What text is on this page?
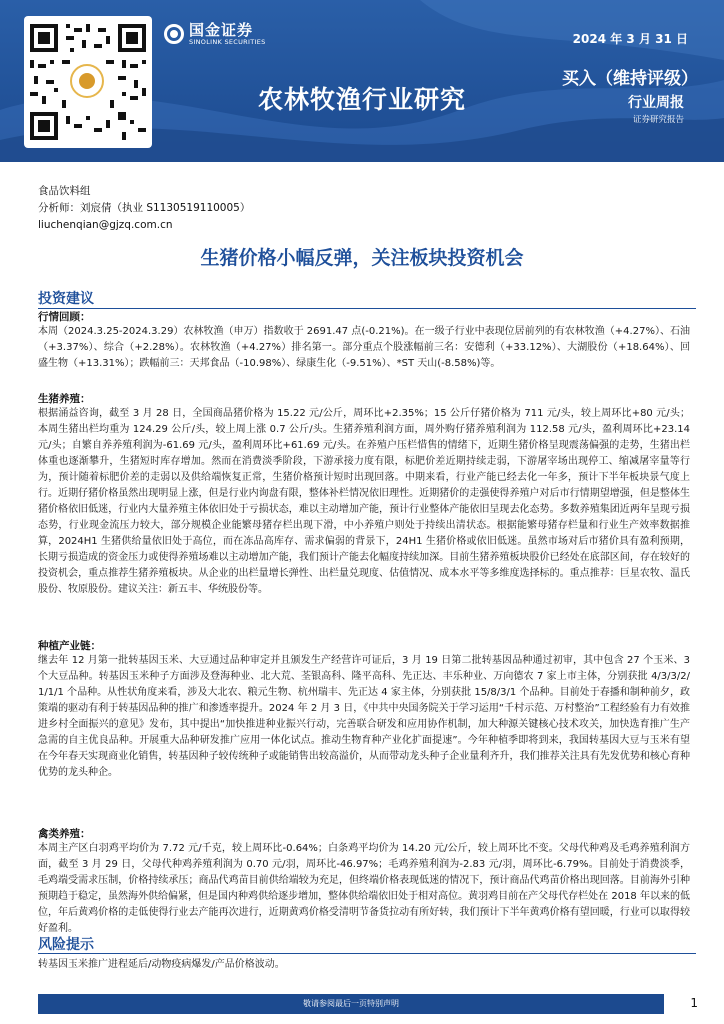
国金证券
SINOLINK SECURITIES
农林牧渔行业研究
2024 年 3 月 31 日
买入（维持评级）
行业周报
证券研究报告
食品饮料组
分析师：刘宸倩（执业 S1130519110005）
liuchenqian@gjzq.com.cn
生猪价格小幅反弹，关注板块投资机会
投资建议
行情回顾：
本周（2024.3.25-2024.3.29）农林牧渔（申万）指数收于 2691.47 点(-0.21%)。在一级子行业中表现位居前列的有农林牧渔（+4.27%）、石油（+3.37%）、综合（+2.28%）。农林牧渔（+4.27%）排名第一。部分重点个股涨幅前三名：安德利（+33.12%）、大湖股份（+18.64%）、回盛生物（+13.31%）；跌幅前三：天邦食品（-10.98%）、绿康生化（-9.51%）、*ST 天山(-8.58%)等。
生猪养殖：
根据涌益咨询，截至 3 月 28 日，全国商品猪价格为 15.22 元/公斤，周环比+2.35%；15 公斤仔猪价格为 711 元/头，较上周环比+80 元/头；本周生猪出栏均重为 124.29 公斤/头，较上周上涨 0.7 公斤/头。生猪养殖利润方面，周外购仔猪养殖利润为 112.58 元/头，盈利周环比+23.14 元/头；自繁自养养殖利润为-61.69 元/头，盈利周环比+61.69 元/头。在养殖户压栏惜售的情绪下，近期生猪价格呈现震荡偏强的走势，生猪出栏体重也逐渐攀升，生猪短时库存增加。然而在消费淡季阶段，下游承接力度有限，标肥价差近期持续走弱，下游屠宰场出现停工、缩减屠宰量等行为，预计随着标肥价差的走弱以及供给端恢复正常，生猪价格预计短时出现回落。中期来看，行业产能已经去化一年多，预计下半年板块景气度上行。近期仔猪价格虽然出现明显上涨，但是行业内询盘有限，整体补栏情况依旧理性。近期猪价的走强使得养殖户对后市行情期望增强，但是整体生猪价格依旧低迷，行业内大量养殖主体依旧处于亏损状态，难以主动增加产能，预计行业整体产能依旧呈现去化态势。多数养殖集团近两年呈现亏损态势，行业现金流压力较大，部分规模企业能繁母猪存栏出现下滑，中小养殖户则处于持续出清状态。根据能繁母猪存栏量和行业生产效率数据推算，2024H1 生猪供给量依旧处于高位，而在冻品高库存、需求偏弱的背景下，24H1 生猪价格或依旧低迷。虽然市场对后市猪价具有盈利预期，长期亏损造成的资金压力或使得养殖场难以主动增加产能，我们预计产能去化幅度持续加深。目前生猪养殖板块股价已经处在底部区间，存在较好的投资机会，重点推荐生猪养殖板块。从企业的出栏量增长弹性、出栏量兑现度、估值情况、成本水平等多维度选择标的。重点推荐：巨星农牧、温氏股份、牧原股份。建议关注：新五丰、华统股份等。
种植产业链：
继去年 12 月第一批转基因玉米、大豆通过品种审定并且颁发生产经营许可证后，3 月 19 日第二批转基因品种通过初审，其中包含 27 个玉米、3 个大豆品种。转基因玉米种子方面涉及登海种业、北大荒、荃银高科、隆平高科、先正达、丰乐种业、万向德农 7 家上市主体，分别获批 4/3/3/2/1/1/1 个品种。从性状角度来看，涉及大北农、粮元生物、杭州瑞丰、先正达 4 家主体，分别获批 15/8/3/1 个品种。目前处于春播和制种前夕，政策端的驱动有利于转基因品种的推广和渗透率提升。2024 年 2 月 3 日，《中共中央国务院关于学习运用“千村示范、万村整治”工程经验有力有效推进乡村全面振兴的意见》发布，其中提出“加快推进种业振兴行动，完善联合研发和应用协作机制，加大种源关键核心技术攻关，加快选育推广生产急需的自主优良品种。开展重大品种研发推广应用一体化试点。推动生物育种产业化扩面提速”。今年种植季即将到来，我国转基因大豆与玉米有望在今年春天实现商业化销售，转基因种子较传统种子或能销售出较高溢价，从而带动龙头种子企业量利齐升，我们推荐关注具有先发优势和核心育种优势的龙头种企。
禽类养殖：
本周主产区白羽鸡平均价为 7.72 元/千克，较上周环比-0.64%；白条鸡平均价为 14.20 元/公斤，较上周环比不变。父母代种鸡及毛鸡养殖利润方面，截至 3 月 29 日，父母代种鸡养殖利润为 0.70 元/羽，周环比-46.97%；毛鸡养殖利润为-2.83 元/羽，周环比-6.79%。目前处于消费淡季，毛鸡端受需求压制，价格持续承压；商品代鸡苗目前供给端较为充足，但终端价格表现低迷的情况下，预计商品代鸡苗价格出现回落。目前海外引种预期趋于稳定，虽然海外供给偏紧，但是国内种鸡供给逐步增加，整体供给端依旧处于相对高位。黄羽鸡目前在产父母代存栏处在 2018 年以来的低位，年后黄鸡价格的走低使得行业去产能再次进行，近期黄鸡价格受清明节备货拉动有所好转，我们预计下半年黄鸡价格有望回暖，行业可以取得较好盈利。
风险提示
转基因玉米推广进程延后/动物疫病爆发/产品价格波动。
敬请参阅最后一页特别声明	1
